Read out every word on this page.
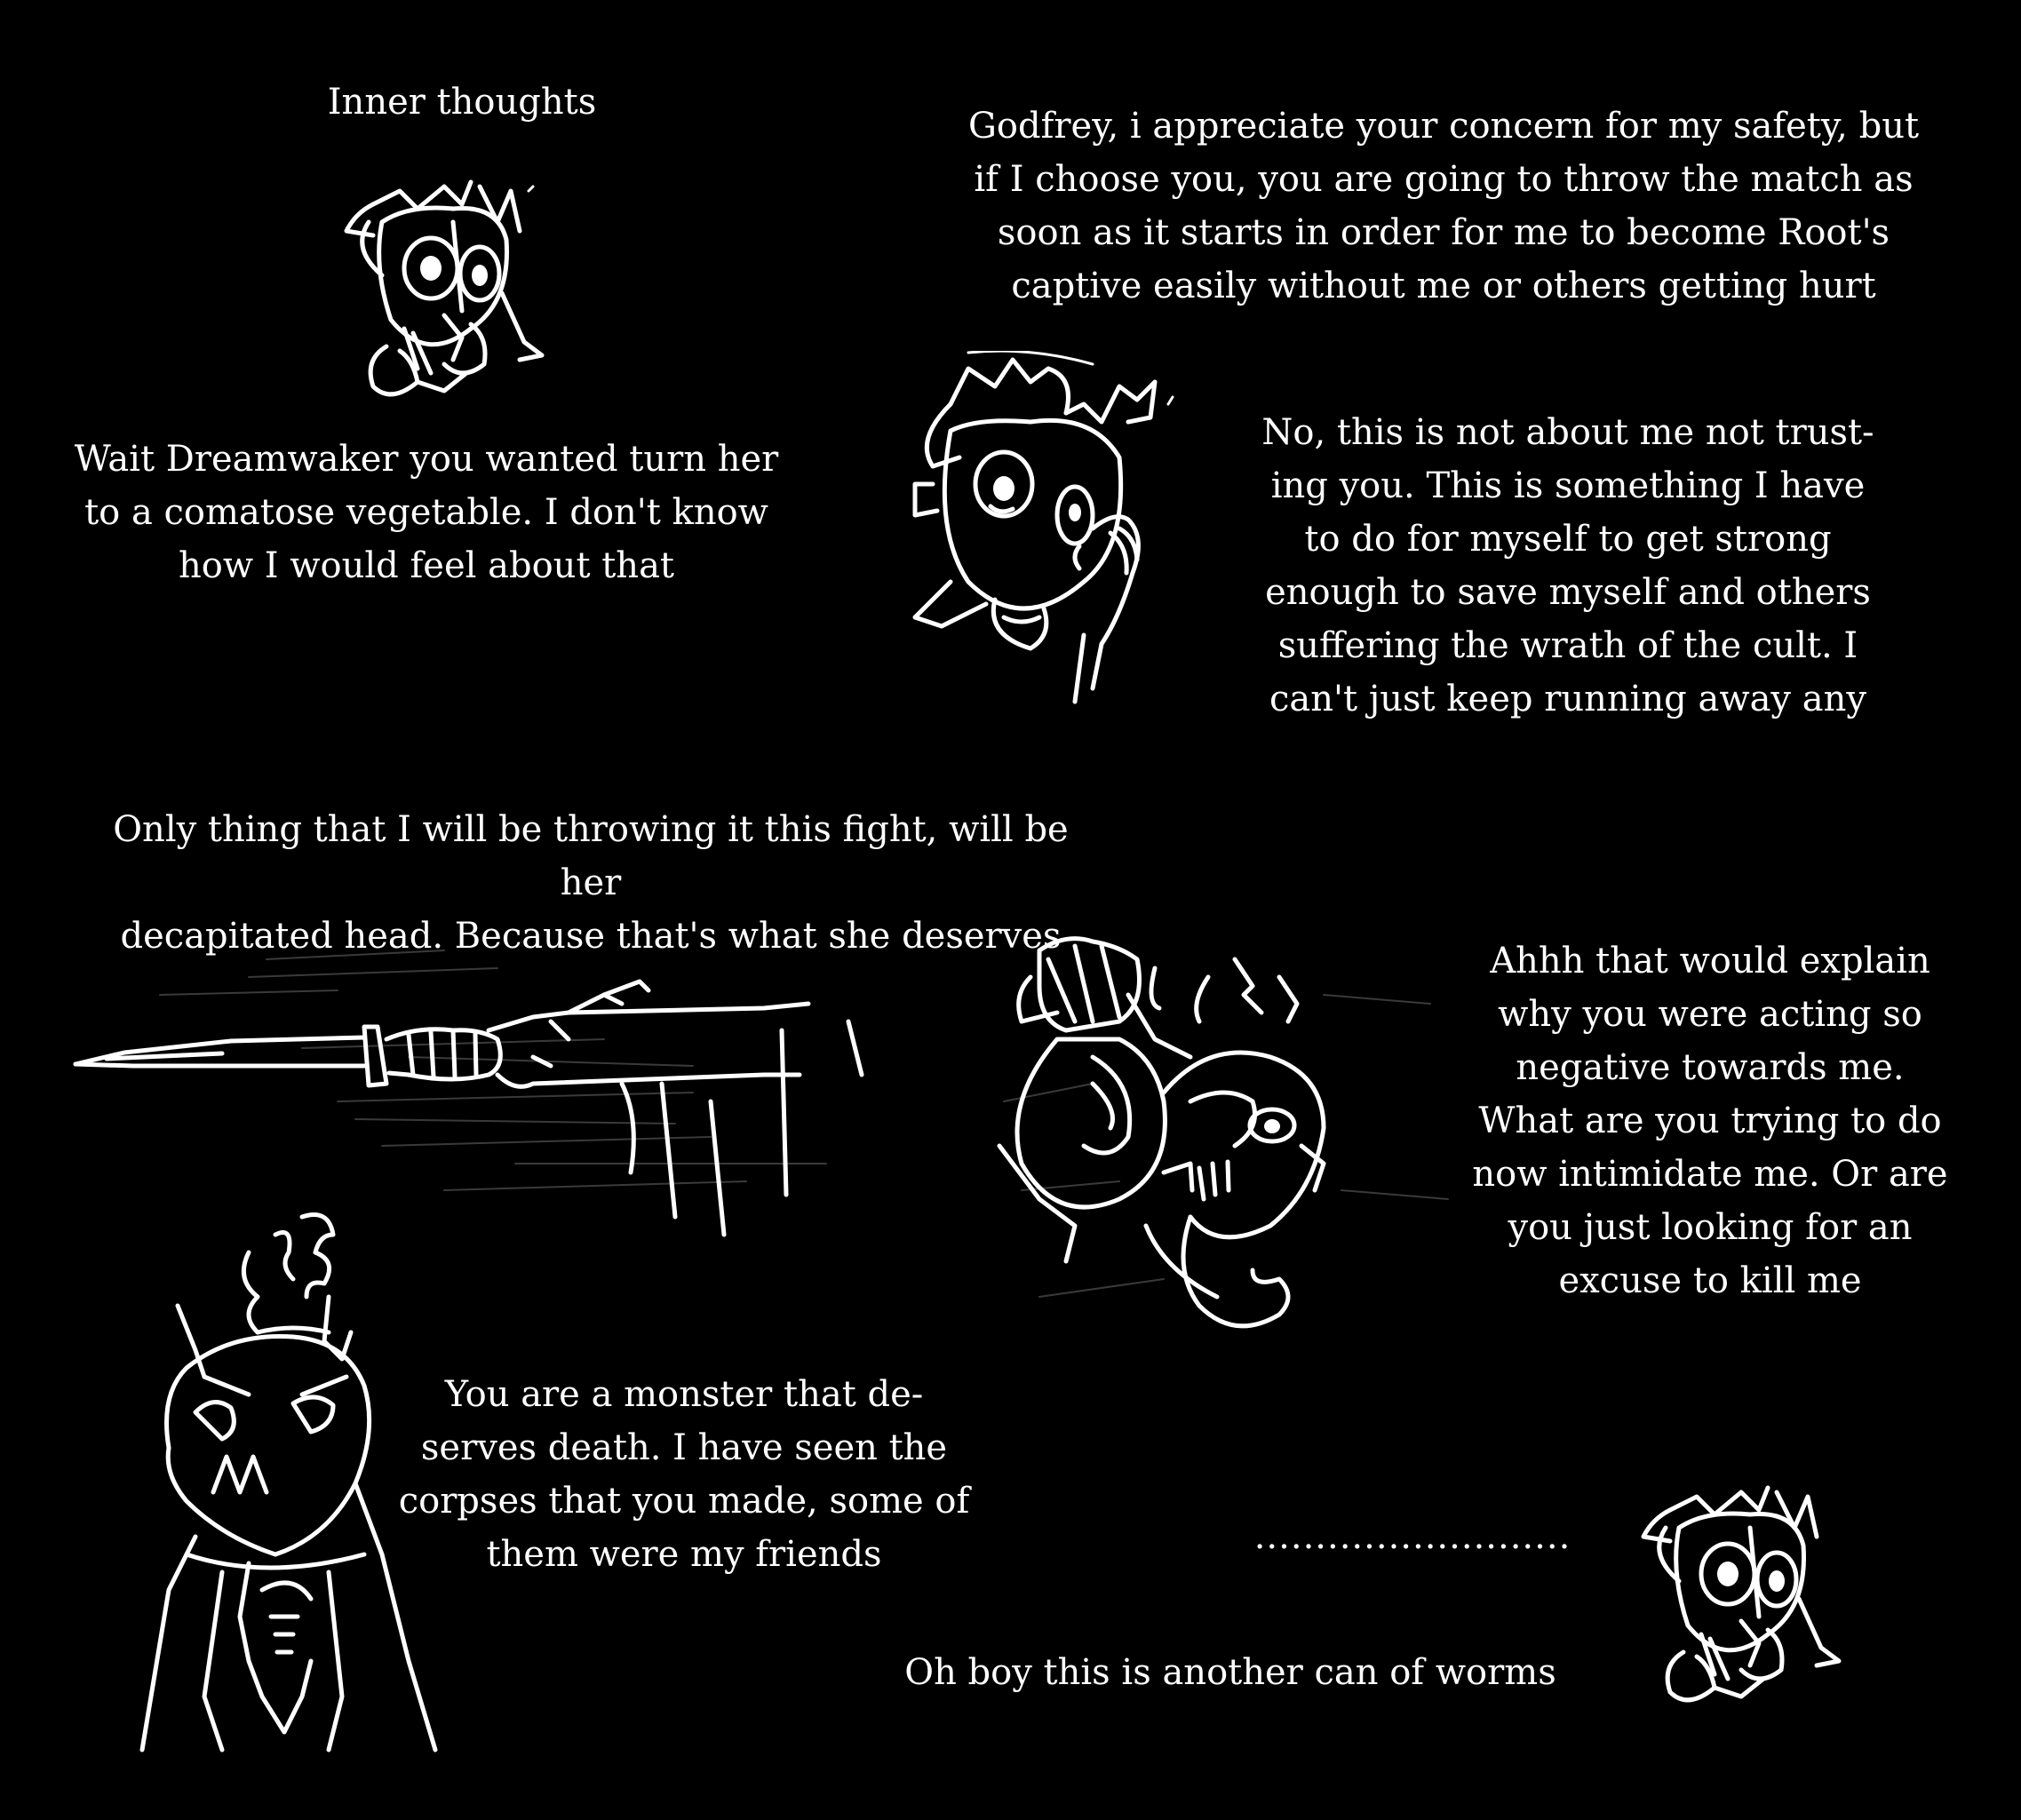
Inner thoughts
Godfrey, i appreciate your concern for my safety, but
if I choose you, you are going to throw the match as
soon as it starts in order for me to become Root's
captive easily without me or others getting hurt
Wait Dreamwaker you wanted turn her
to a comatose vegetable. I don't know
how I would feel about that
No, this is not about me not trust-
ing you. This is something I have
to do for myself to get strong
enough to save myself and others
suffering the wrath of the cult. I
can't just keep running away any
Only thing that I will be throwing it this fight, will be her
decapitated head. Because that's what she deserves
Ahhh that would explain
why you were acting so
negative towards me.
What are you trying to do
now intimidate me. Or are
you just looking for an
excuse to kill me
You are a monster that de-
serves death. I have seen the
corpses that you made, some of
them were my friends	..........................
Oh boy this is another can of worms
